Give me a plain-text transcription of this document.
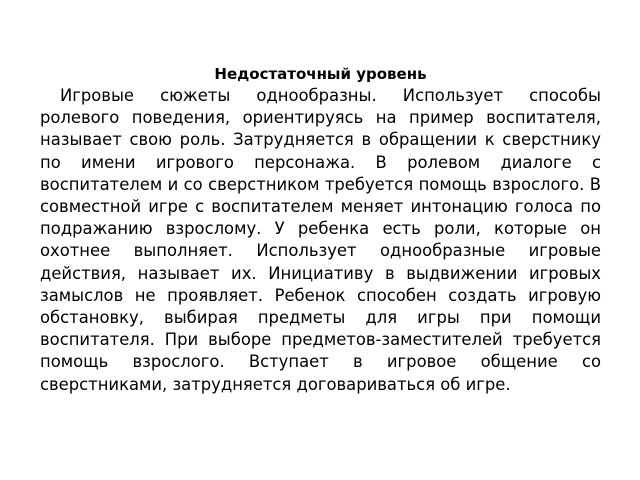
Недостаточный уровень

Игровые сюжеты однообразны. Использует способы ролевого поведения, ориентируясь на пример воспитателя, называет свою роль. Затрудняется в обращении к сверстнику по имени игрового персонажа. В ролевом диалоге с воспитателем и со сверстником требуется помощь взрослого. В совместной игре с воспитателем меняет интонацию голоса по подражанию взрослому. У ребенка есть роли, которые он охотнее выполняет. Использует однообразные игровые действия, называет их. Инициативу в выдвижении игровых замыслов не проявляет. Ребенок способен создать игровую обстановку, выбирая предметы для игры при помощи воспитателя. При выборе предметов-заместителей требуется помощь взрослого. Вступает в игровое общение со сверстниками, затрудняется договариваться об игре.
